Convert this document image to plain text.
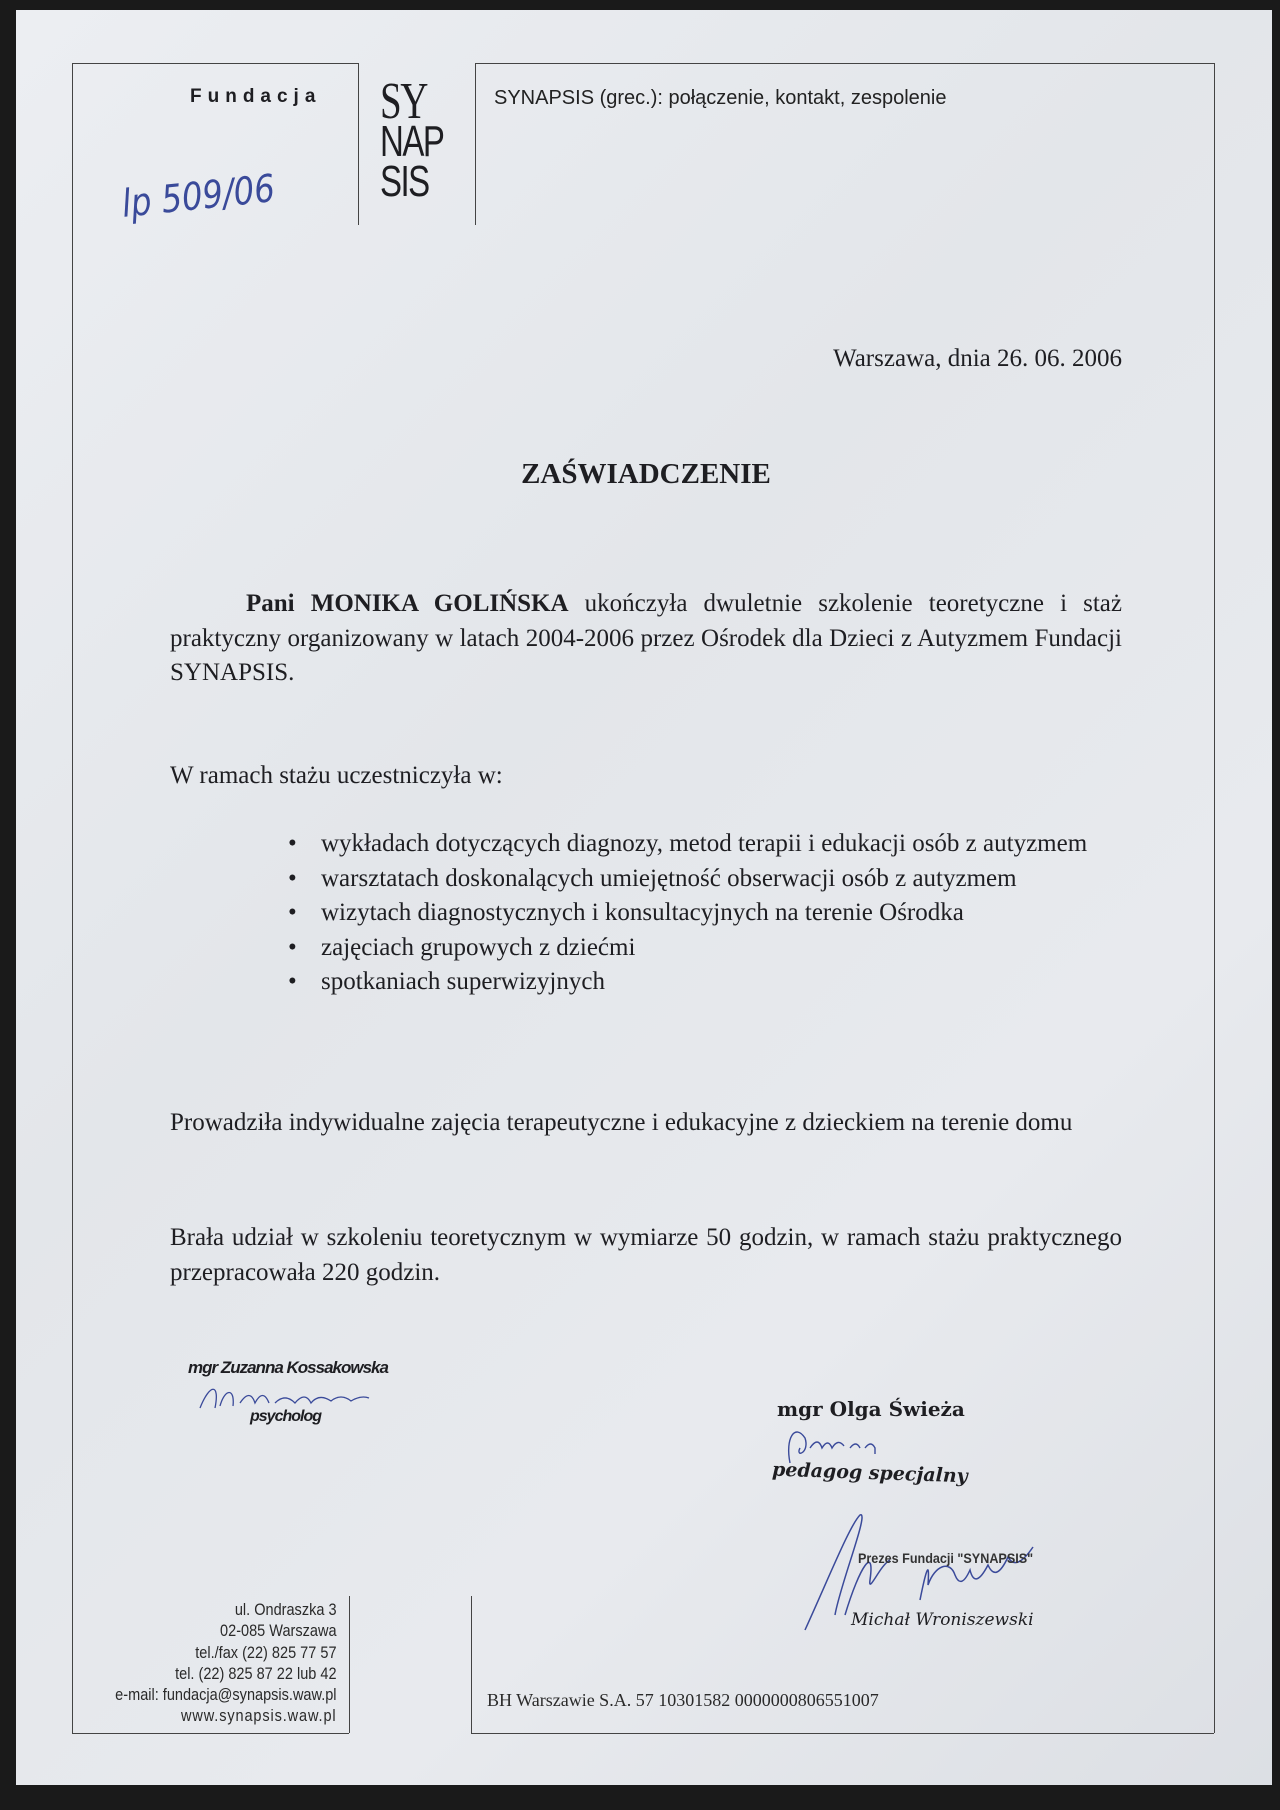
Fundacja SY
NAP
SIS
SYNAPSIS (grec.): połączenie, kontakt, zespolenie
lp 509/06
Warszawa, dnia 26. 06. 2006
ZAŚWIADCZENIE
Pani MONIKA GOLIŃSKA ukończyła dwuletnie szkolenie teoretyczne i staż praktyczny organizowany w latach 2004-2006 przez Ośrodek dla Dzieci z Autyzmem Fundacji SYNAPSIS.
W ramach stażu uczestniczyła w:
• wykładach dotyczących diagnozy, metod terapii i edukacji osób z autyzmem
• warsztatach doskonalących umiejętność obserwacji osób z autyzmem
• wizytach diagnostycznych i konsultacyjnych na terenie Ośrodka
• zajęciach grupowych z dziećmi
• spotkaniach superwizyjnych
Prowadziła indywidualne zajęcia terapeutyczne i edukacyjne z dzieckiem na terenie domu
Brała udział w szkoleniu teoretycznym w wymiarze 50 godzin, w ramach stażu praktycznego przepracowała 220 godzin.
mgr Zuzanna Kossakowska
psycholog	mgr Olga Świeża
pedagog specjalny
Prezes Fundacji "SYNAPSIS"
Michał Wroniszewski
ul. Ondraszka 3
02-085 Warszawa
tel./fax (22) 825 77 57
tel. (22) 825 87 22 lub 42
e-mail: fundacja@synapsis.waw.pl
www.synapsis.waw.pl
BH Warszawie S.A. 57 10301582 0000000806551007
